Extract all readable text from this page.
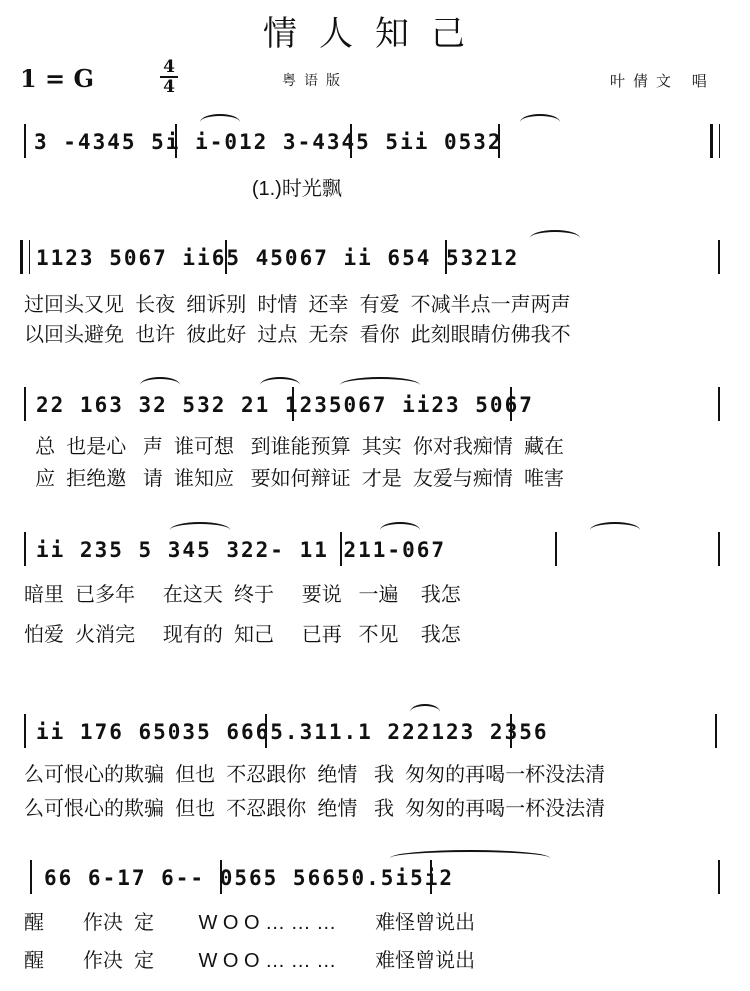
情人知己
1 = G	4
4	粤语版	叶倩文 唱
3 -4345 5i i-012 3-4345 5ii 0532
(1.)时光飘
1123 5067 ii65 45067 ii 654 53212
过回头又见  长夜  细诉别  时情  还幸  有爱  不减半点一声两声
以回头避免  也许  彼此好  过点  无奈  看你  此刻眼睛仿佛我不
22 163 32 532 21 1235067 ii23 5067
总  也是心   声  谁可想   到谁能预算  其实  你对我痴情  藏在
应  拒绝邀   请  谁知应   要如何辩证  才是  友爱与痴情  唯害
ii 235 5 345 322- 11 211-067
暗里  已多年     在这天  终于     要说   一遍    我怎
怕爱  火消完     现有的  知己     已再   不见    我怎
ii 176 65035 6665.311.1 222123 2356
么可恨心的欺骗  但也  不忍跟你  绝情   我  匆匆的再喝一杯没法清
么可恨心的欺骗  但也  不忍跟你  绝情   我  匆匆的再喝一杯没法清
66 6-17 6-- 0565 56650.5i5i2
醒       作决  定        W O O … … …       难怪曾说出
醒       作决  定        W O O … … …       难怪曾说出
